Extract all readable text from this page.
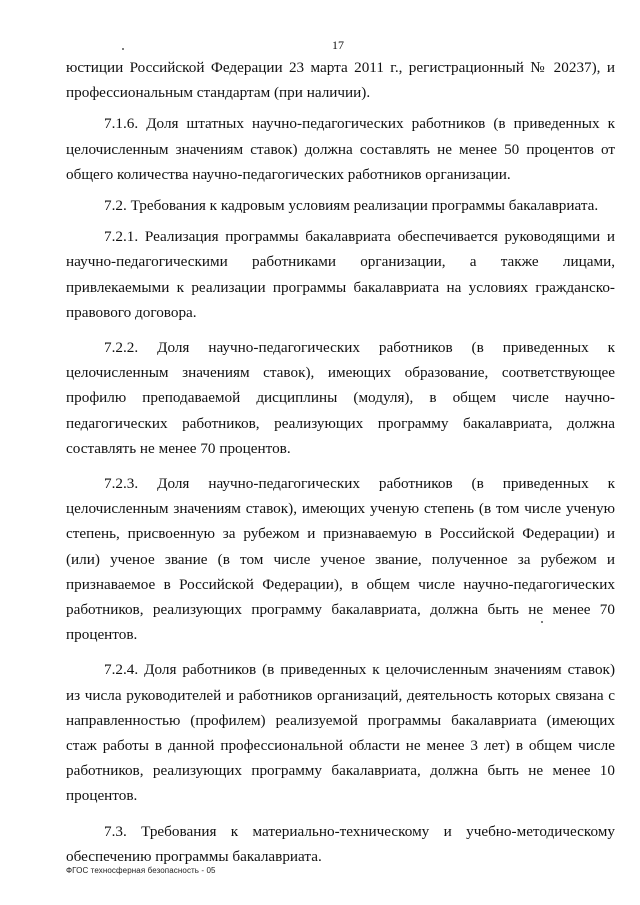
17

юстиции Российской Федерации 23 марта 2011 г., регистрационный № 20237), и профессиональным стандартам (при наличии).

7.1.6. Доля штатных научно-педагогических работников (в приведенных к целочисленным значениям ставок) должна составлять не менее 50 процентов от общего количества научно-педагогических работников организации.

7.2. Требования к кадровым условиям реализации программы бакалавриата.

7.2.1. Реализация программы бакалавриата обеспечивается руководящими и научно-педагогическими работниками организации, а также лицами, привлекаемыми к реализации программы бакалавриата на условиях гражданско-правового договора.

7.2.2. Доля научно-педагогических работников (в приведенных к целочисленным значениям ставок), имеющих образование, соответствующее профилю преподаваемой дисциплины (модуля), в общем числе научно-педагогических работников, реализующих программу бакалавриата, должна составлять не менее 70 процентов.

7.2.3. Доля научно-педагогических работников (в приведенных к целочисленным значениям ставок), имеющих ученую степень (в том числе ученую степень, присвоенную за рубежом и признаваемую в Российской Федерации) и (или) ученое звание (в том числе ученое звание, полученное за рубежом и признаваемое в Российской Федерации), в общем числе научно-педагогических работников, реализующих программу бакалавриата, должна быть не менее 70 процентов.

7.2.4. Доля работников (в приведенных к целочисленным значениям ставок) из числа руководителей и работников организаций, деятельность которых связана с направленностью (профилем) реализуемой программы бакалавриата (имеющих стаж работы в данной профессиональной области не менее 3 лет) в общем числе работников, реализующих программу бакалавриата, должна быть не менее 10 процентов.

7.3. Требования к материально-техническому и учебно-методическому обеспечению программы бакалавриата.

ФГОС техносферная безопасность - 05
